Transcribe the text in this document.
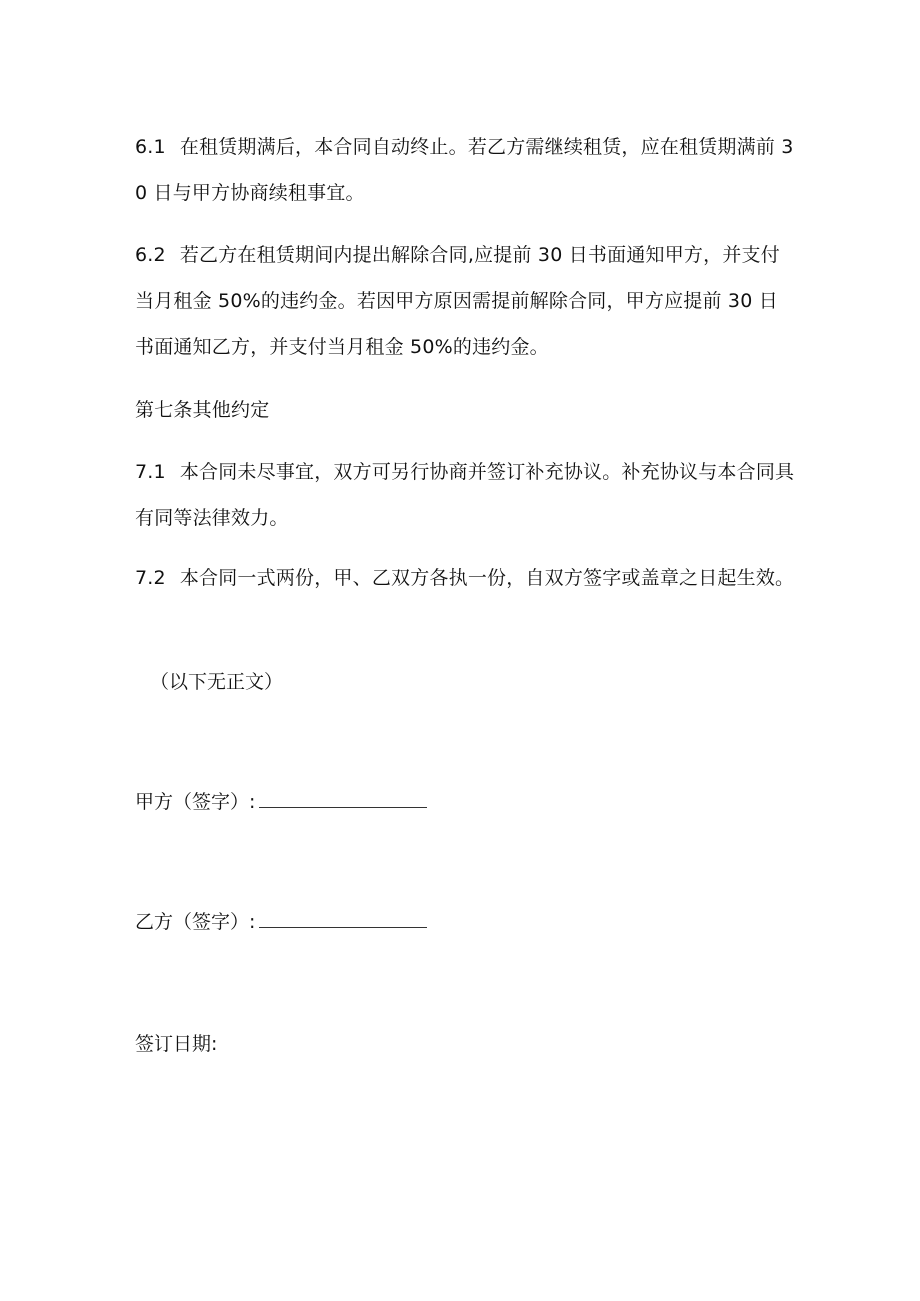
6.1 在租赁期满后，本合同自动终止。若乙方需继续租赁，应在租赁期满前 30 日与甲方协商续租事宜。

6.2 若乙方在租赁期间内提出解除合同,应提前 30 日书面通知甲方，并支付当月租金 50%的违约金。若因甲方原因需提前解除合同，甲方应提前 30 日书面通知乙方，并支付当月租金 50%的违约金。

第七条其他约定

7.1 本合同未尽事宜，双方可另行协商并签订补充协议。补充协议与本合同具有同等法律效力。

7.2 本合同一式两份，甲、乙双方各执一份，自双方签字或盖章之日起生效。

（以下无正文）

甲方（签字）:

乙方（签字）:

签订日期:
